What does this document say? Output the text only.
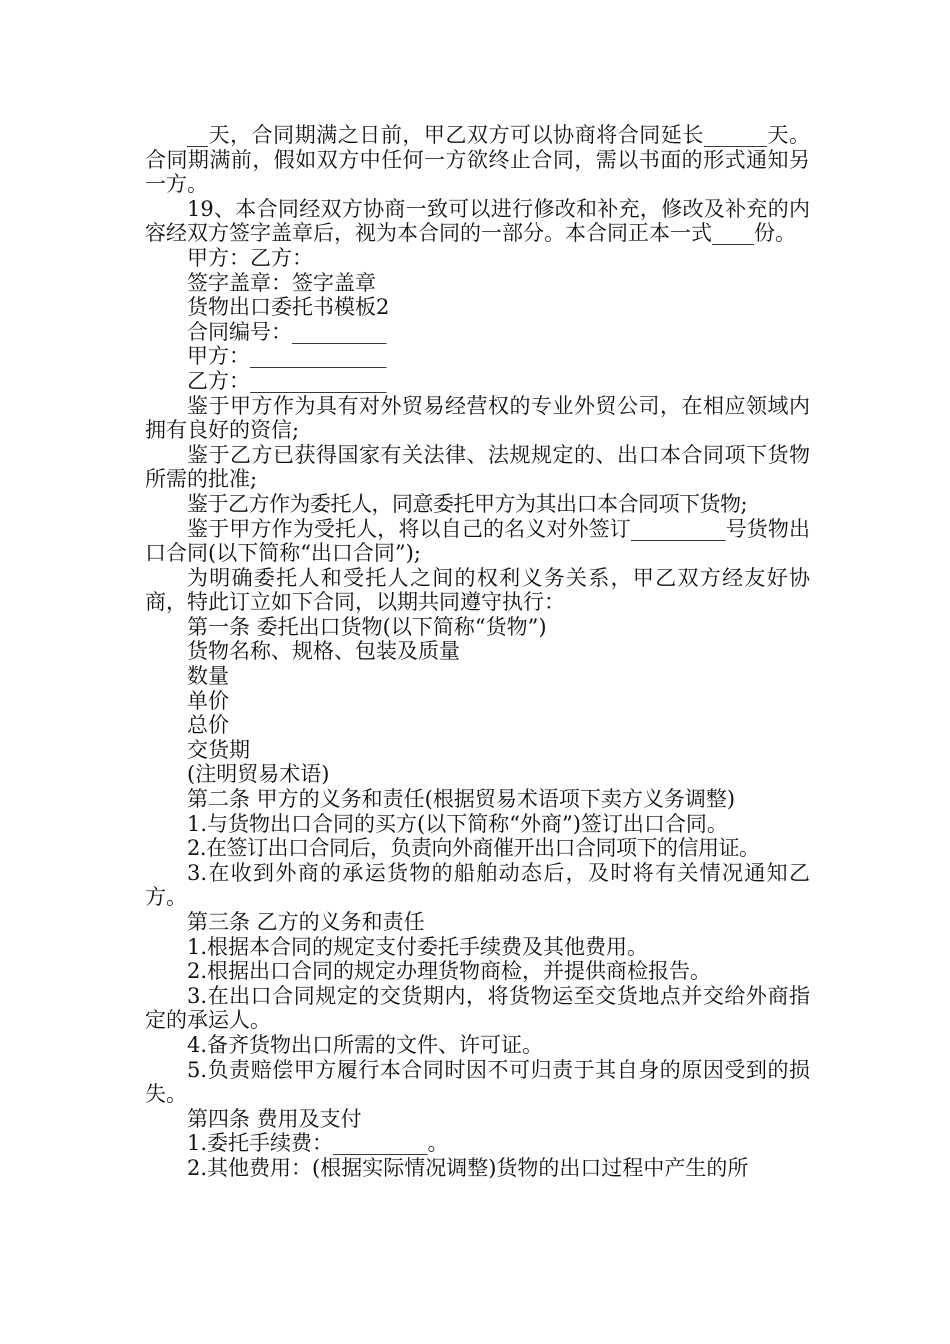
__天，合同期满之日前，甲乙双方可以协商将合同延长______天。合同期满前，假如双方中任何一方欲终止合同，需以书面的形式通知另一方。

19、本合同经双方协商一致可以进行修改和补充，修改及补充的内容经双方签字盖章后，视为本合同的一部分。本合同正本一式____份。

甲方：乙方：

签字盖章：签字盖章

货物出口委托书模板2

合同编号：_________

甲方：_____________

乙方：_____________

鉴于甲方作为具有对外贸易经营权的专业外贸公司，在相应领域内拥有良好的资信;

鉴于乙方已获得国家有关法律、法规规定的、出口本合同项下货物所需的批准;

鉴于乙方作为委托人，同意委托甲方为其出口本合同项下货物;

鉴于甲方作为受托人，将以自己的名义对外签订_________号货物出口合同(以下简称“出口合同”);

为明确委托人和受托人之间的权利义务关系，甲乙双方经友好协商，特此订立如下合同，以期共同遵守执行：

第一条 委托出口货物(以下简称“货物”)

货物名称、规格、包装及质量

数量

单价

总价

交货期

(注明贸易术语)

第二条 甲方的义务和责任(根据贸易术语项下卖方义务调整)

1.与货物出口合同的买方(以下简称“外商”)签订出口合同。

2.在签订出口合同后，负责向外商催开出口合同项下的信用证。

3.在收到外商的承运货物的船舶动态后，及时将有关情况通知乙方。

第三条 乙方的义务和责任

1.根据本合同的规定支付委托手续费及其他费用。

2.根据出口合同的规定办理货物商检，并提供商检报告。

3.在出口合同规定的交货期内，将货物运至交货地点并交给外商指定的承运人。

4.备齐货物出口所需的文件、许可证。

5.负责赔偿甲方履行本合同时因不可归责于其自身的原因受到的损失。

第四条 费用及支付

1.委托手续费：_________。

2.其他费用：(根据实际情况调整)货物的出口过程中产生的所
